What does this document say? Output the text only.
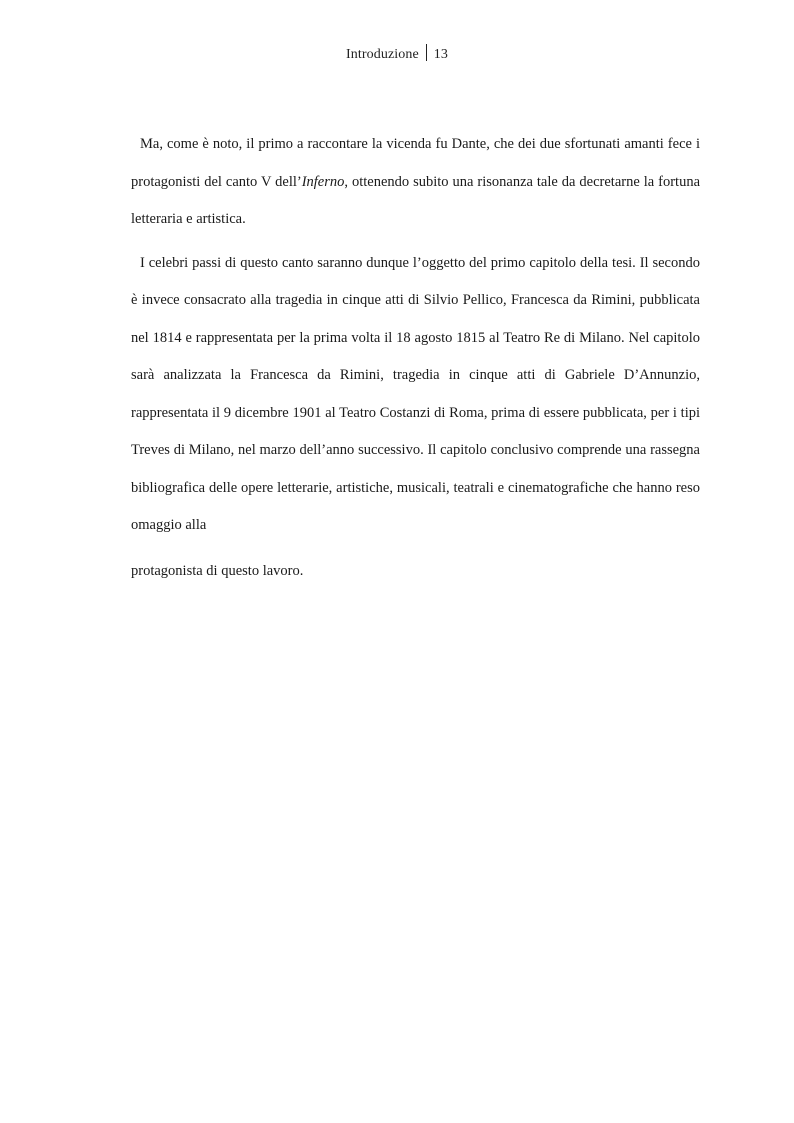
Introduzione 13

Ma, come è noto, il primo a raccontare la vicenda fu Dante, che dei due sfortunati amanti fece i protagonisti del canto V dell’Inferno, ottenendo subito una risonanza tale da decretarne la fortuna letteraria e artistica.

I celebri passi di questo canto saranno dunque l’oggetto del primo capitolo della tesi. Il secondo è invece consacrato alla tragedia in cinque atti di Silvio Pellico, Francesca da Rimini, pubblicata nel 1814 e rappresentata per la prima volta il 18 agosto 1815 al Teatro Re di Milano. Nel capitolo sarà analizzata la Francesca da Rimini, tragedia in cinque atti di Gabriele D’Annunzio, rappresentata il 9 dicembre 1901 al Teatro Costanzi di Roma, prima di essere pubblicata, per i tipi Treves di Milano, nel marzo dell’anno successivo. Il capitolo conclusivo comprende una rassegna bibliografica delle opere letterarie, artistiche, musicali, teatrali e cinematografiche che hanno reso omaggio alla
protagonista di questo lavoro.
